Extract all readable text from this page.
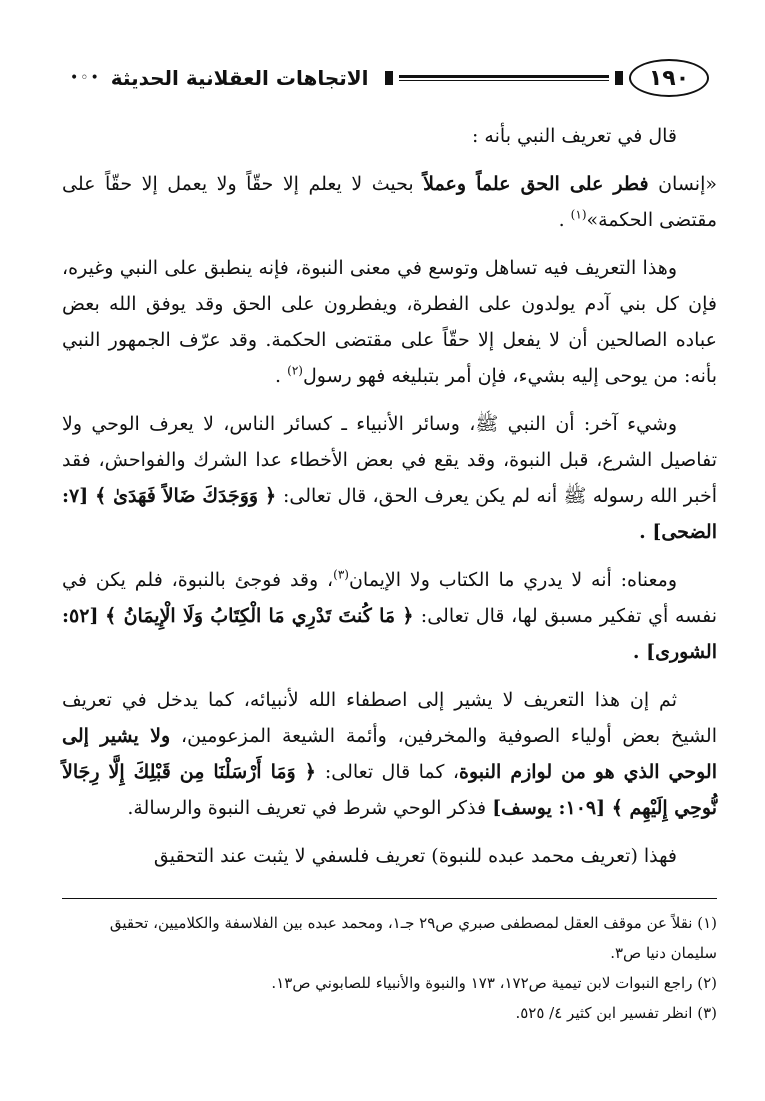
١٩٠
الاتجاهات العقلانية الحديثة
•◦•

قال في تعريف النبي بأنه :

«إنسان فطر على الحق علماً وعملاً بحيث لا يعلم إلا حقّاً ولا يعمل إلا حقّاً على مقتضى الحكمة»$^{(١)}$ .

وهذا التعريف فيه تساهل وتوسع في معنى النبوة، فإنه ينطبق على النبي وغيره، فإن كل بني آدم يولدون على الفطرة، ويفطرون على الحق وقد يوفق الله بعض عباده الصالحين أن لا يفعل إلا حقّاً على مقتضى الحكمة. وقد عرّف الجمهور النبي بأنه: من يوحى إليه بشيء، فإن أمر بتبليغه فهو رسول$^{(٢)}$ .

وشيء آخر: أن النبي ﷺ، وسائر الأنبياء ـ كسائر الناس، لا يعرف الوحي ولا تفاصيل الشرع، قبل النبوة، وقد يقع في بعض الأخطاء عدا الشرك والفواحش، فقد أخبر الله رسوله ﷺ أنه لم يكن يعرف الحق، قال تعالى: ﴿ وَوَجَدَكَ ضَالاً فَهَدَىٰ ﴾ [٧: الضحى] .

ومعناه: أنه لا يدري ما الكتاب ولا الإيمان$^{(٣)}$، وقد فوجئ بالنبوة، فلم يكن في نفسه أي تفكير مسبق لها، قال تعالى: ﴿ مَا كُنتَ تَدْرِي مَا الْكِتَابُ وَلَا الْإِيمَانُ ﴾ [٥٢: الشورى] .

ثم إن هذا التعريف لا يشير إلى اصطفاء الله لأنبيائه، كما يدخل في تعريف الشيخ بعض أولياء الصوفية والمخرفين، وأئمة الشيعة المزعومين، ولا يشير إلى الوحي الذي هو من لوازم النبوة، كما قال تعالى: ﴿ وَمَا أَرْسَلْنَا مِن قَبْلِكَ إِلَّا رِجَالاً نُّوحِي إِلَيْهِم ﴾ [١٠٩: يوسف] فذكر الوحي شرط في تعريف النبوة والرسالة.

فهذا (تعريف محمد عبده للنبوة) تعريف فلسفي لا يثبت عند التحقيق

(١) نقلاً عن موقف العقل لمصطفى صبري ص٢٩ جـ١، ومحمد عبده بين الفلاسفة والكلاميين، تحقيق سليمان دنيا ص٣.

(٢) راجع النبوات لابن تيمية ص١٧٢، ١٧٣ والنبوة والأنبياء للصابوني ص١٣.

(٣) انظر تفسير ابن كثير ٤/ ٥٢٥.
